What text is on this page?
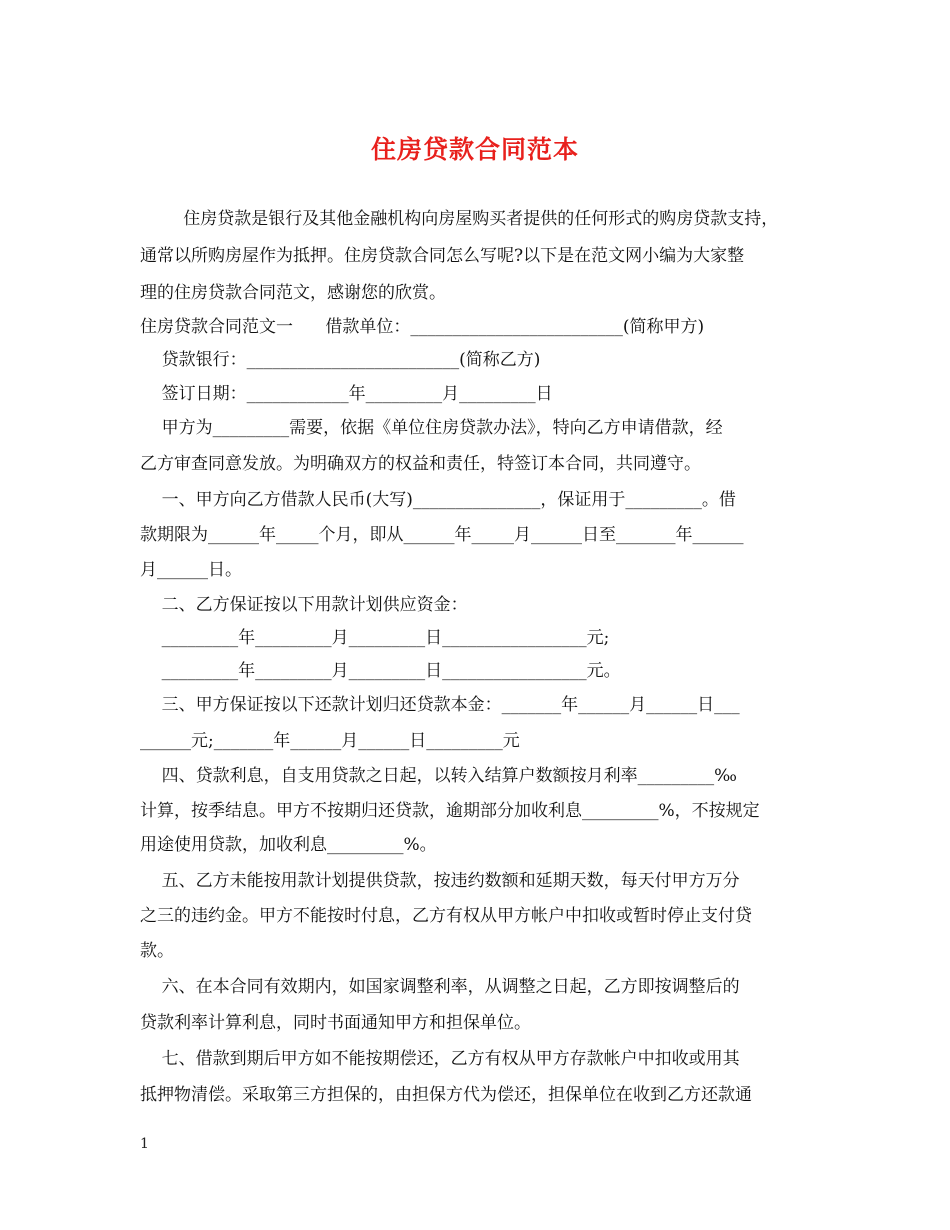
住房贷款合同范本
住房贷款是银行及其他金融机构向房屋购买者提供的任何形式的购房贷款支持，
通常以所购房屋作为抵押。住房贷款合同怎么写呢?以下是在范文网小编为大家整
理的住房贷款合同范文，感谢您的欣赏。
住房贷款合同范文一      借款单位：_________________________(简称甲方)
贷款银行：_________________________(简称乙方)
签订日期：____________年_________月_________日
甲方为_________需要，依据《单位住房贷款办法》，特向乙方申请借款，经
乙方审查同意发放。为明确双方的权益和责任，特签订本合同，共同遵守。
一、甲方向乙方借款人民币(大写)_______________，保证用于_________。借
款期限为______年_____个月，即从______年_____月______日至_______年______
月______日。
二、乙方保证按以下用款计划供应资金：
_________年_________月_________日_________________元;
_________年_________月_________日_________________元。
三、甲方保证按以下还款计划归还贷款本金：_______年______月______日___
______元;_______年______月______日_________元
四、贷款利息，自支用贷款之日起，以转入结算户数额按月利率_________‰
计算，按季结息。甲方不按期归还贷款，逾期部分加收利息_________%，不按规定
用途使用贷款，加收利息_________%。
五、乙方未能按用款计划提供贷款，按违约数额和延期天数，每天付甲方万分
之三的违约金。甲方不能按时付息，乙方有权从甲方帐户中扣收或暂时停止支付贷
款。
六、在本合同有效期内，如国家调整利率，从调整之日起，乙方即按调整后的
贷款利率计算利息，同时书面通知甲方和担保单位。
七、借款到期后甲方如不能按期偿还，乙方有权从甲方存款帐户中扣收或用其
抵押物清偿。采取第三方担保的，由担保方代为偿还，担保单位在收到乙方还款通
1
